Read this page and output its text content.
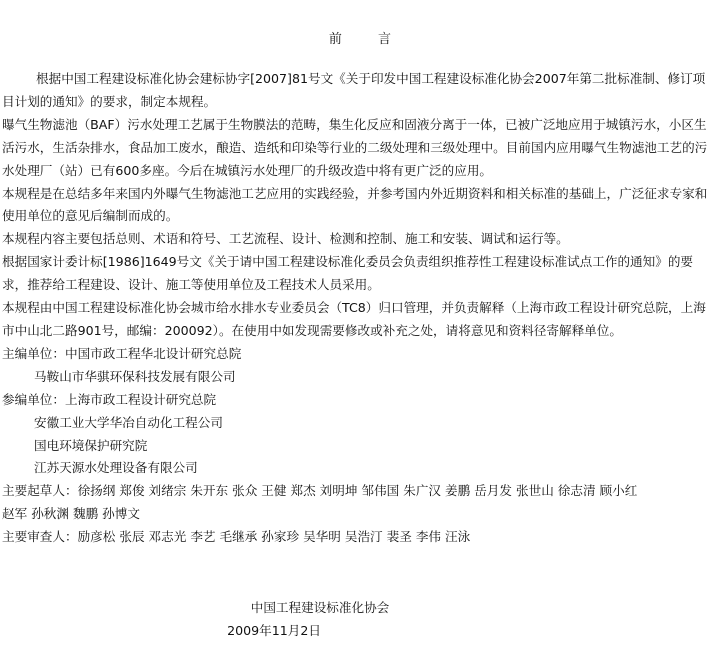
前 言

根据中国工程建设标准化协会建标协字[2007]81号文《关于印发中国工程建设标准化协会2007年第二批标准制、修订项目计划的通知》的要求，制定本规程。

曝气生物滤池（BAF）污水处理工艺属于生物膜法的范畴，集生化反应和固液分离于一体，已被广泛地应用于城镇污水，小区生活污水，生活杂排水，食品加工废水，酿造、造纸和印染等行业的二级处理和三级处理中。目前国内应用曝气生物滤池工艺的污水处理厂（站）已有600多座。今后在城镇污水处理厂的升级改造中将有更广泛的应用。

本规程是在总结多年来国内外曝气生物滤池工艺应用的实践经验，并参考国内外近期资料和相关标准的基础上，广泛征求专家和使用单位的意见后编制而成的。

本规程内容主要包括总则、术语和符号、工艺流程、设计、检测和控制、施工和安装、调试和运行等。

根据国家计委计标[1986]1649号文《关于请中国工程建设标准化委员会负责组织推荐性工程建设标准试点工作的通知》的要求，推荐给工程建设、设计、施工等使用单位及工程技术人员采用。

本规程由中国工程建设标准化协会城市给水排水专业委员会（TC8）归口管理，并负责解释（上海市政工程设计研究总院，上海市中山北二路901号，邮编：200092）。在使用中如发现需要修改或补充之处，请将意见和资料径寄解释单位。

主编单位：中国市政工程华北设计研究总院
马鞍山市华骐环保科技发展有限公司
参编单位：上海市政工程设计研究总院
安徽工业大学华冶自动化工程公司
国电环境保护研究院
江苏天源水处理设备有限公司
主要起草人：徐扬纲 郑俊 刘绪宗 朱开东 张众 王健 郑杰 刘明坤 邹伟国 朱广汉 姜鹏 岳月发 张世山 徐志清 顾小红
赵军 孙秋渊 魏鹏 孙博文
主要审查人：励彦松 张辰 邓志光 李艺 毛继承 孙家珍 吴华明 吴浩汀 裴圣 李伟 汪泳
中国工程建设标准化协会
2009年11月2日
